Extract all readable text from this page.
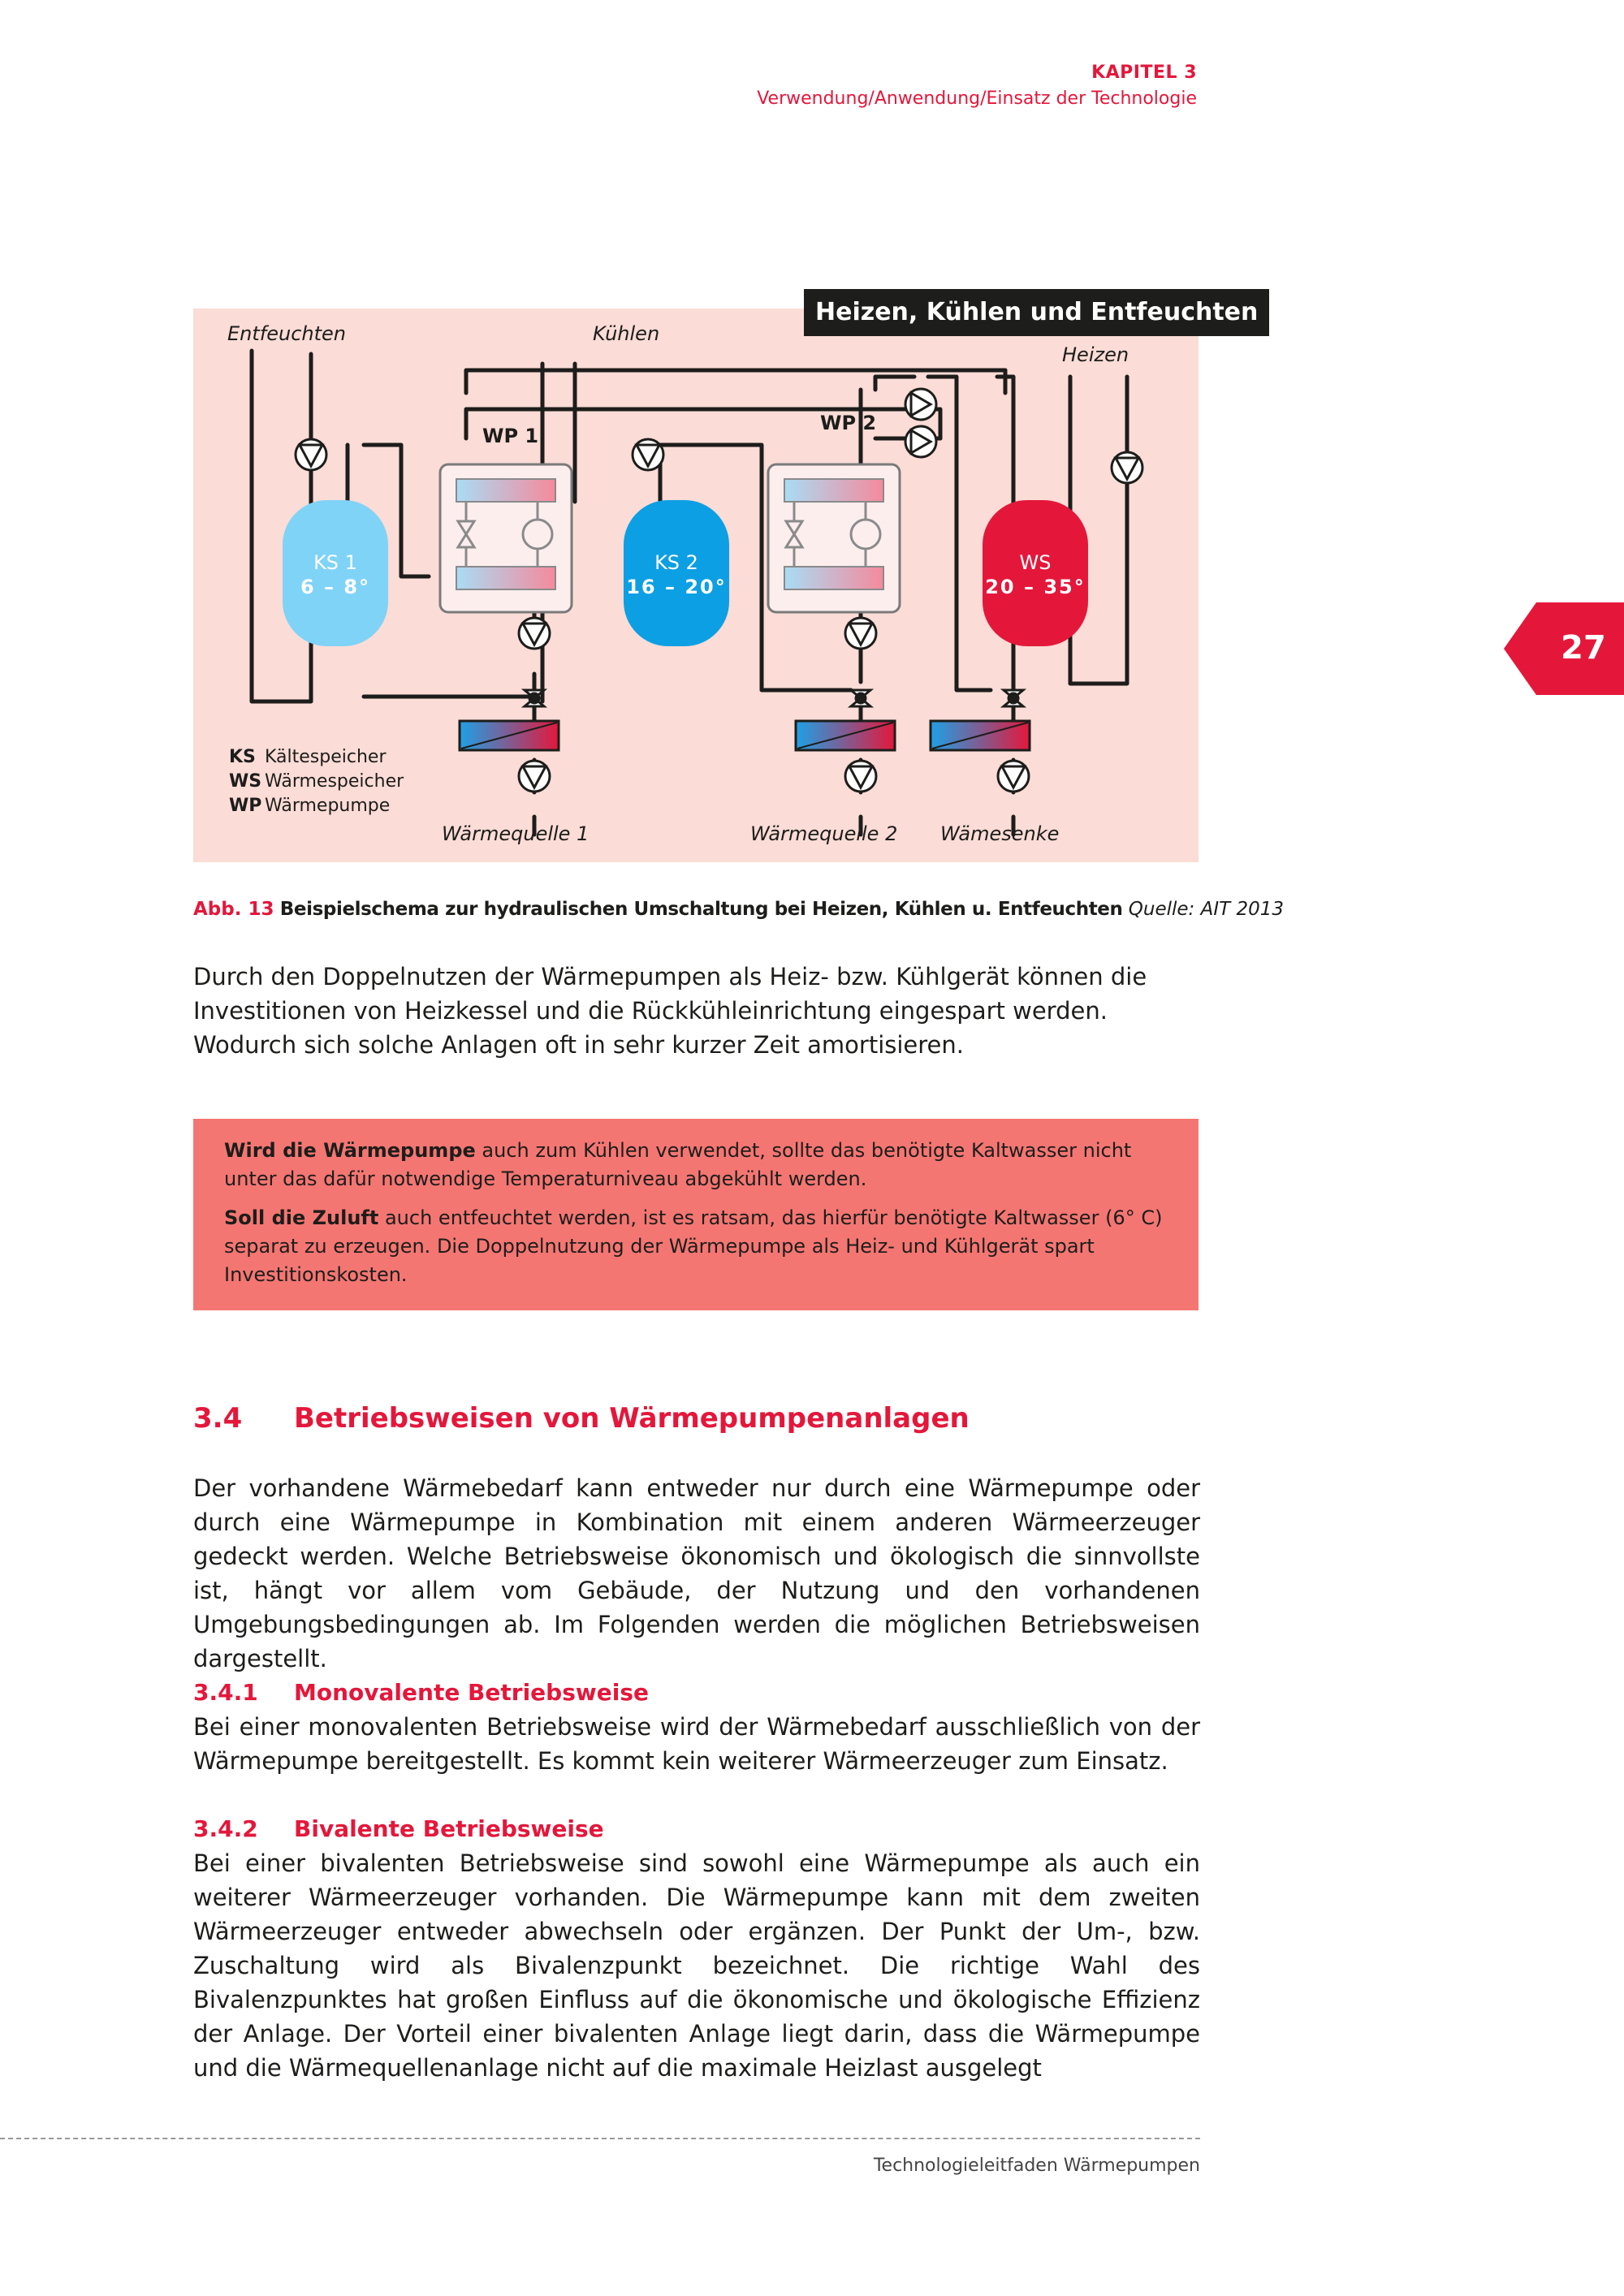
KAPITEL 3
Verwendung/Anwendung/Einsatz der Technologie
27
Heizen, Kühlen und Entfeuchten
Entfeuchten	Kühlen
Heizen
WP 1
WP 2
KS 1
6 – 8°
KS 2
16 – 20°
WS
20 – 35°
KS Kältespeicher
WS Wärmespeicher
WP Wärmepumpe
Wärmequelle 1	Wärmequelle 2 Wämesenke
Abb. 13 Beispielschema zur hydraulischen Umschaltung bei Heizen, Kühlen u. Entfeuchten Quelle: AIT 2013

Durch den Doppelnutzen der Wärmepumpen als Heiz- bzw. Kühlgerät können die Investitionen von Heizkessel und die Rückkühleinrichtung eingespart werden. Wodurch sich solche Anlagen oft in sehr kurzer Zeit amortisieren.

Wird die Wärmepumpe auch zum Kühlen verwendet, sollte das benötigte Kaltwasser nicht unter das dafür notwendige Temperaturniveau abgekühlt werden.

Soll die Zuluft auch entfeuchtet werden, ist es ratsam, das hierfür benötigte Kaltwasser (6° C) separat zu erzeugen. Die Doppelnutzung der Wärmepumpe als Heiz- und Kühlgerät spart Investitionskosten.

3.4 Betriebsweisen von Wärmepumpenanlagen

Der vorhandene Wärmebedarf kann entweder nur durch eine Wärmepumpe oder durch eine Wärmepumpe in Kombination mit einem anderen Wärmeerzeuger gedeckt werden. Welche Betriebsweise ökonomisch und ökologisch die sinnvollste ist, hängt vor allem vom Gebäude, der Nutzung und den vorhandenen Umgebungsbedingungen ab. Im Folgenden werden die möglichen Betriebsweisen dargestellt.

3.4.1 Monovalente Betriebsweise

Bei einer monovalenten Betriebsweise wird der Wärmebedarf ausschließlich von der Wärmepumpe bereitgestellt. Es kommt kein weiterer Wärmeerzeuger zum Einsatz.

3.4.2 Bivalente Betriebsweise

Bei einer bivalenten Betriebsweise sind sowohl eine Wärmepumpe als auch ein weiterer Wärmeerzeuger vorhanden. Die Wärmepumpe kann mit dem zweiten Wärmeerzeuger entweder abwechseln oder ergänzen. Der Punkt der Um-, bzw. Zuschaltung wird als Bivalenzpunkt bezeichnet. Die richtige Wahl des Bivalenzpunktes hat großen Einfluss auf die ökonomische und ökologische Effizienz der Anlage. Der Vorteil einer bivalenten Anlage liegt darin, dass die Wärmepumpe und die Wärmequellenanlage nicht auf die maximale Heizlast ausgelegt

Technologieleitfaden Wärmepumpen
